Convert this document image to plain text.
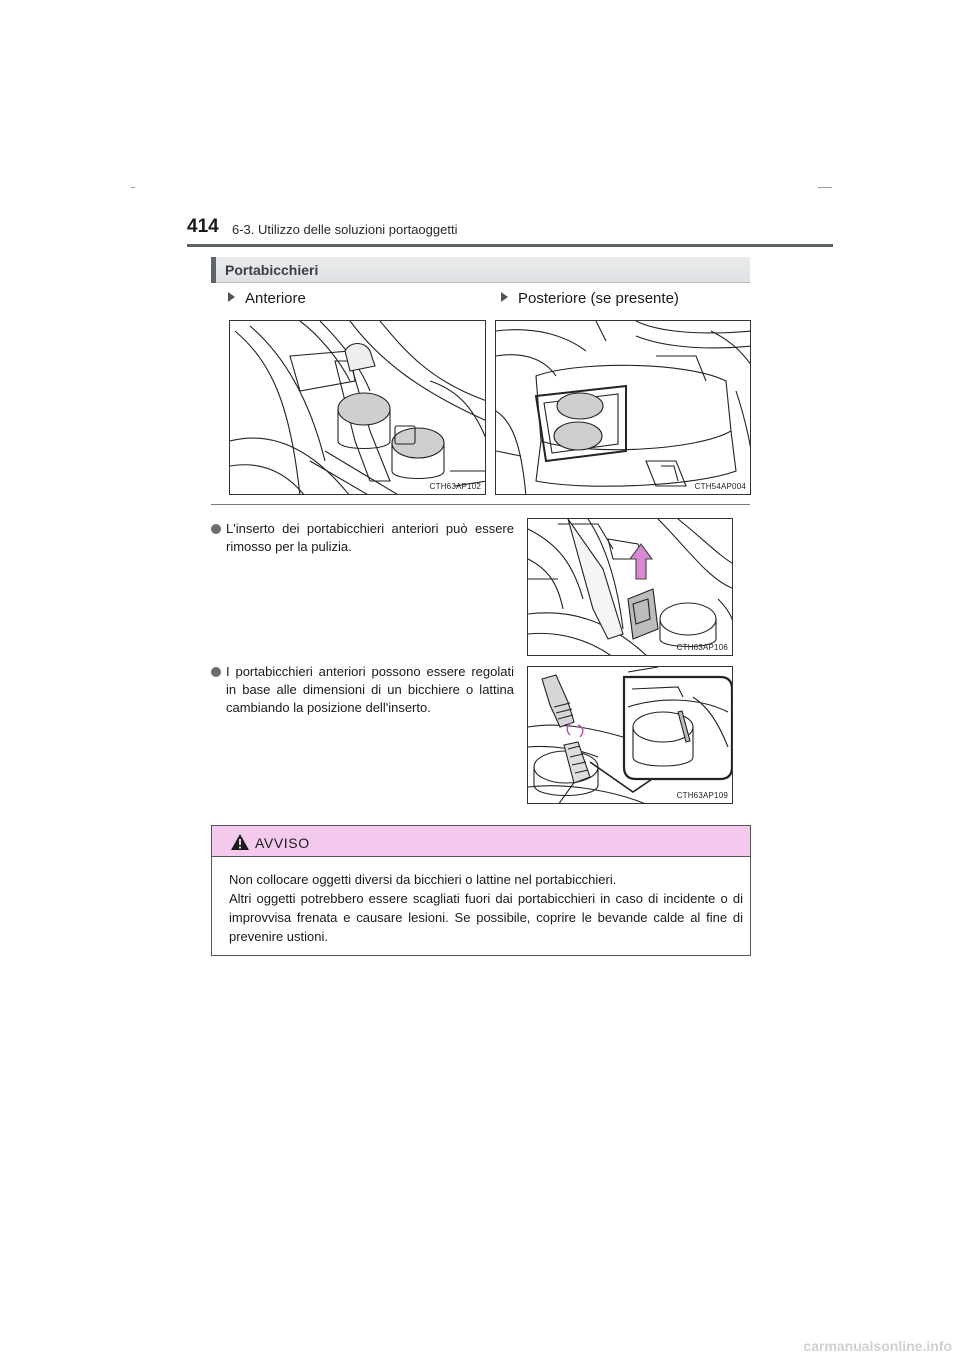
414 6-3. Utilizzo delle soluzioni portaoggetti
Portabicchieri
Anteriore	Posteriore (se presente)
CTH63AP102	CTH54AP004
L'inserto dei portabicchieri anteriori può essere rimosso per la pulizia.
CTH63AP106
I portabicchieri anteriori possono essere regolati in base alle dimensioni di un bicchiere o lattina cambiando la posizione dell'inserto.
CTH63AP109
AVVISO

Non collocare oggetti diversi da bicchieri o lattine nel portabicchieri.

Altri oggetti potrebbero essere scagliati fuori dai portabicchieri in caso di incidente o di improvvisa frenata e causare lesioni. Se possibile, coprire le bevande calde al fine di prevenire ustioni.

carmanualsonline.info
